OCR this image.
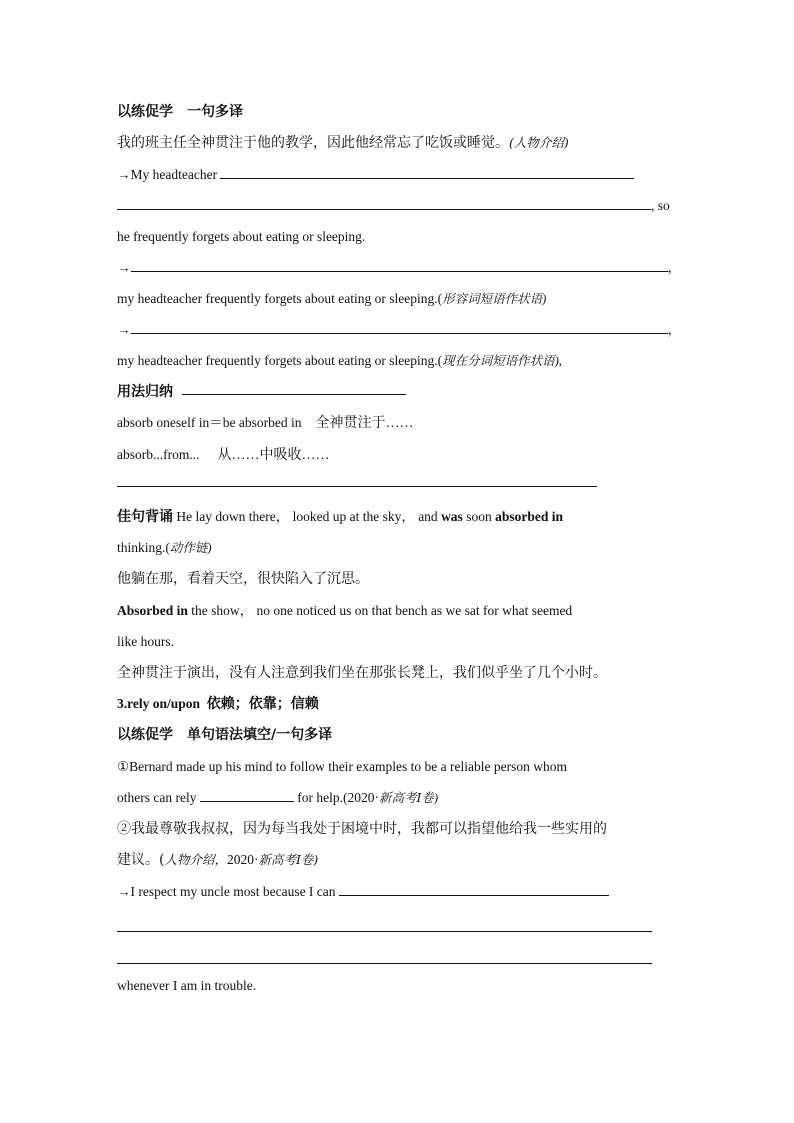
以练促学　一句多译
我的班主任全神贯注于他的教学，因此他经常忘了吃饭或睡觉。(人物介绍)
→My headteacher
, so
he frequently forgets about eating or sleeping.
→	，
my headteacher frequently forgets about eating or sleeping.(形容词短语作状语)
→	，
my headteacher frequently forgets about eating or sleeping.(现在分词短语作状语),
用法归纳
absorb oneself in＝be absorbed in 全神贯注于……
absorb...from... 从……中吸收……
佳句背诵 He lay down there， looked up at the sky， and was soon absorbed in
thinking.(动作链)
他躺在那，看着天空，很快陷入了沉思。
Absorbed in the show， no one noticed us on that bench as we sat for what seemed
like hours.
全神贯注于演出，没有人注意到我们坐在那张长凳上，我们似乎坐了几个小时。
3.rely on/upon 依赖；依靠；信赖
以练促学　单句语法填空/一句多译
①Bernard made up his mind to follow their examples to be a reliable person whom
others can rely	for help.(2020·新高考Ⅰ卷)
②我最尊敬我叔叔，因为每当我处于困境中时，我都可以指望他给我一些实用的
建议。(人物介绍，2020·新高考Ⅰ卷)
→I respect my uncle most because I can
whenever I am in trouble.
